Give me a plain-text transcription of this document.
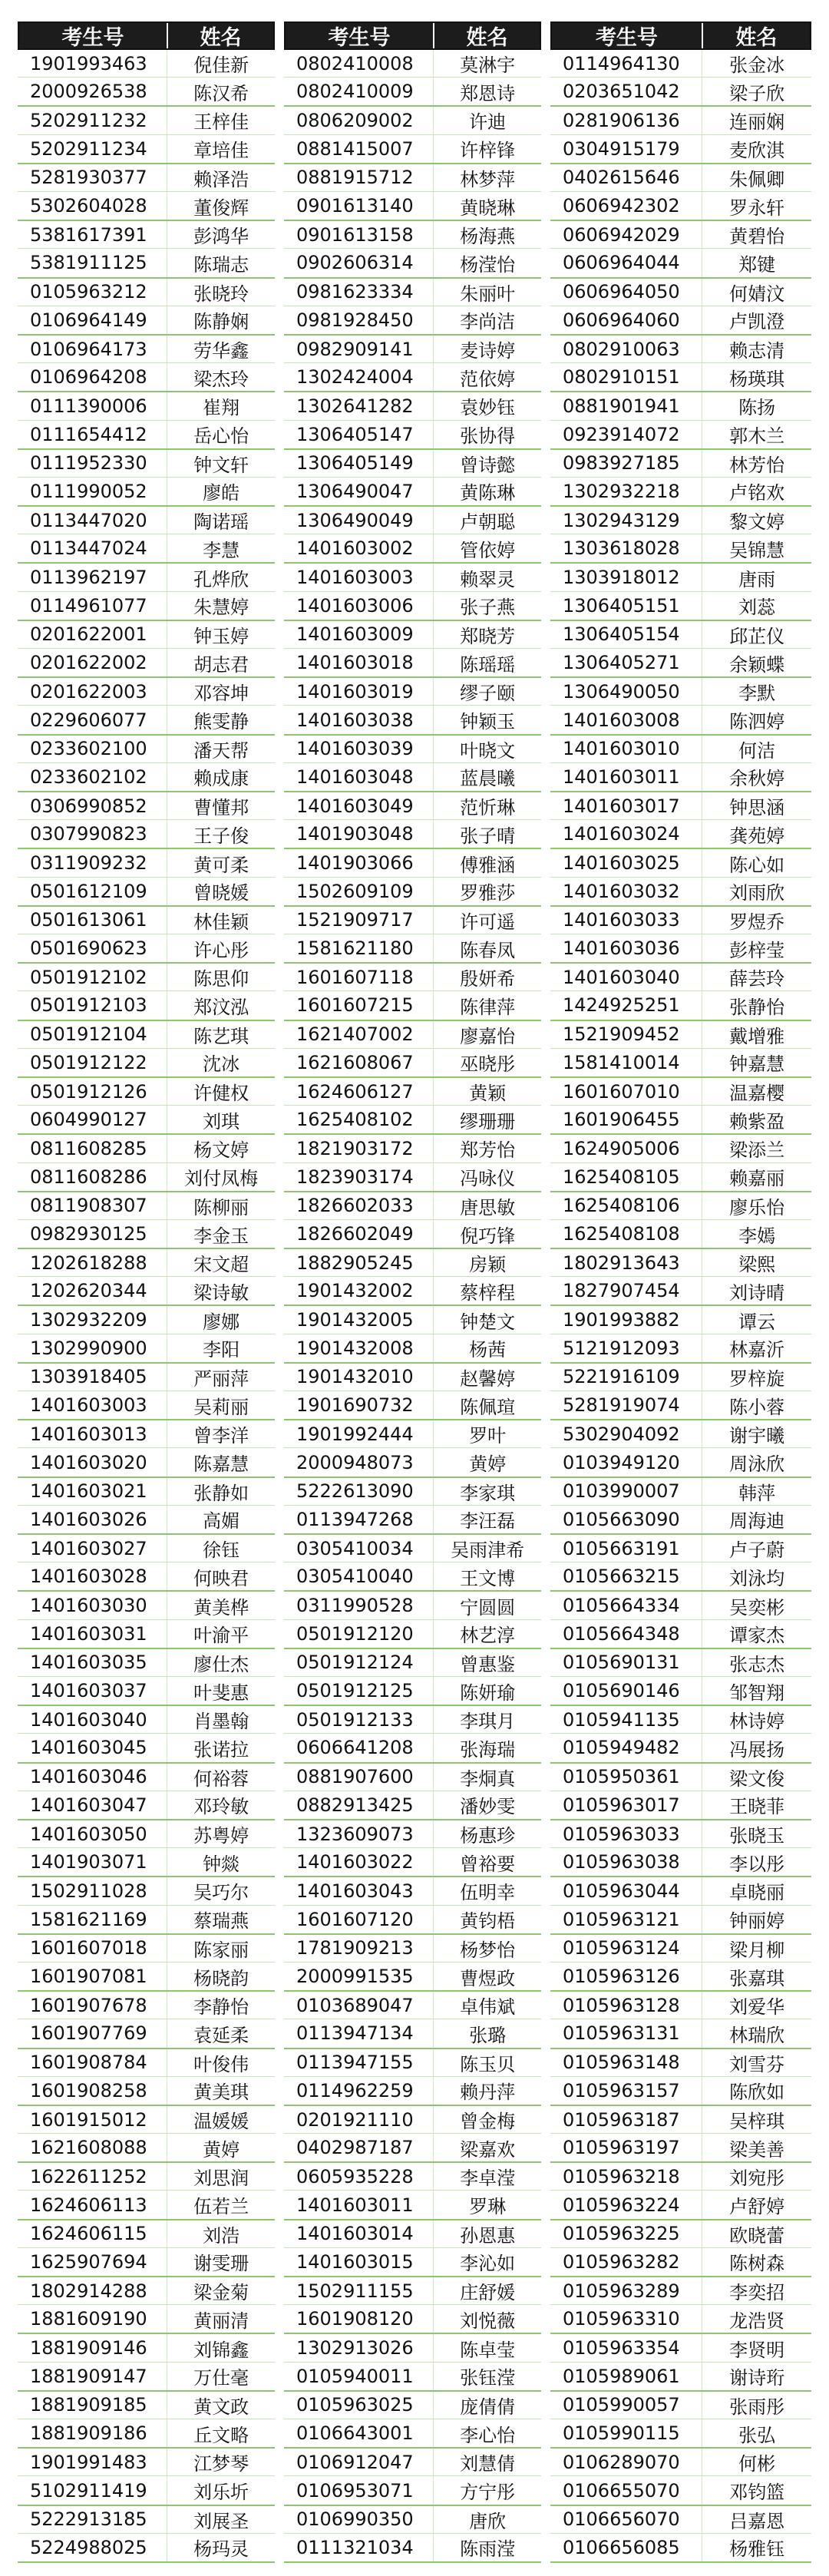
考生号	姓名
1901993463	倪佳新
2000926538	陈汉希
5202911232	王梓佳
5202911234	章培佳
5281930377	赖泽浩
5302604028	董俊辉
5381617391	彭鸿华
5381911125	陈瑞志
0105963212	张晓玲
0106964149	陈静娴
0106964173	劳华鑫
0106964208	梁杰玲
0111390006	崔翔
0111654412	岳心怡
0111952330	钟文轩
0111990052	廖皓
0113447020	陶诺瑶
0113447024	李慧
0113962197	孔烨欣
0114961077	朱慧婷
0201622001	钟玉婷
0201622002	胡志君
0201622003	邓容坤
0229606077	熊雯静
0233602100	潘天帮
0233602102	赖成康
0306990852	曹懂邦
0307990823	王子俊
0311909232	黄可柔
0501612109	曾晓媛
0501613061	林佳颖
0501690623	许心彤
0501912102	陈思仰
0501912103	郑汶泓
0501912104	陈艺琪
0501912122	沈冰
0501912126	许健权
0604990127	刘琪
0811608285	杨文婷
0811608286	刘付凤梅
0811908307	陈柳丽
0982930125	李金玉
1202618288	宋文超
1202620344	梁诗敏
1302932209	廖娜
1302990900	李阳
1303918405	严丽萍
1401603003	吴莉丽
1401603013	曾李洋
1401603020	陈嘉慧
1401603021	张静如
1401603026	高媚
1401603027	徐钰
1401603028	何映君
1401603030	黄美桦
1401603031	叶渝平
1401603035	廖仕杰
1401603037	叶斐惠
1401603040	肖墨翰
1401603045	张诺拉
1401603046	何裕蓉
1401603047	邓玲敏
1401603050	苏粤婷
1401903071	钟燚
1502911028	吴巧尔
1581621169	蔡瑞燕
1601607018	陈家丽
1601907081	杨晓韵
1601907678	李静怡
1601907769	袁延柔
1601908784	叶俊伟
1601908258	黄美琪
1601915012	温媛媛
1621608088	黄婷
1622611252	刘思润
1624606113	伍若兰
1624606115	刘浩
1625907694	谢雯珊
1802914288	梁金菊
1881609190	黄丽清
1881909146	刘锦鑫
1881909147	万仕毫
1881909185	黄文政
1881909186	丘文略
1901991483	江梦琴
5102911419	刘乐圻
5222913185	刘展圣
5224988025	杨玛灵
考生号	姓名
0802410008	莫淋宇
0802410009	郑恩诗
0806209002	许迪
0881415007	许梓锋
0881915712	林梦萍
0901613140	黄晓琳
0901613158	杨海燕
0902606314	杨滢怡
0981623334	朱丽叶
0981928450	李尚洁
0982909141	麦诗婷
1302424004	范依婷
1302641282	袁妙钰
1306405147	张协得
1306405149	曾诗懿
1306490047	黄陈琳
1306490049	卢朝聪
1401603002	管依婷
1401603003	赖翠灵
1401603006	张子燕
1401603009	郑晓芳
1401603018	陈瑶瑶
1401603019	缪子颐
1401603038	钟颖玉
1401603039	叶晓文
1401603048	蓝晨曦
1401603049	范忻琳
1401903048	张子晴
1401903066	傅雅涵
1502609109	罗雅莎
1521909717	许可遥
1581621180	陈春凤
1601607118	殷妍希
1601607215	陈律萍
1621407002	廖嘉怡
1621608067	巫晓彤
1624606127	黄颖
1625408102	缪珊珊
1821903172	郑芳怡
1823903174	冯咏仪
1826602033	唐思敏
1826602049	倪巧锋
1882905245	房颖
1901432002	蔡梓程
1901432005	钟楚文
1901432008	杨茜
1901432010	赵馨婷
1901690732	陈佩瑄
1901992444	罗叶
2000948073	黄婷
5222613090	李家琪
0113947268	李汪磊
0305410034	吴雨津希
0305410040	王文博
0311990528	宁圆圆
0501912120	林艺淳
0501912124	曾惠鉴
0501912125	陈妍瑜
0501912133	李琪月
0606641208	张海瑞
0881907600	李烔真
0882913425	潘妙雯
1323609073	杨惠珍
1401603022	曾裕要
1401603043	伍明幸
1601607120	黄钧梧
1781909213	杨梦怡
2000991535	曹煜政
0103689047	卓伟斌
0113947134	张璐
0113947155	陈玉贝
0114962259	赖丹萍
0201921110	曾金梅
0402987187	梁嘉欢
0605935228	李卓滢
1401603011	罗琳
1401603014	孙恩惠
1401603015	李沁如
1502911155	庄舒媛
1601908120	刘悦薇
1302913026	陈卓莹
0105940011	张钰滢
0105963025	庞倩倩
0106643001	李心怡
0106912047	刘慧倩
0106953071	方宁彤
0106990350	唐欣
0111321034	陈雨滢
考生号	姓名
0114964130	张金冰
0203651042	梁子欣
0281906136	连丽娴
0304915179	麦欣淇
0402615646	朱佩卿
0606942302	罗永轩
0606942029	黄碧怡
0606964044	郑键
0606964050	何婧汶
0606964060	卢凯澄
0802910063	赖志清
0802910151	杨瑛琪
0881901941	陈扬
0923914072	郭木兰
0983927185	林芳怡
1302932218	卢铭欢
1302943129	黎文婷
1303618028	吴锦慧
1303918012	唐雨
1306405151	刘蕊
1306405154	邱芷仪
1306405271	余颖蝶
1306490050	李默
1401603008	陈泗婷
1401603010	何洁
1401603011	余秋婷
1401603017	钟思涵
1401603024	龚苑婷
1401603025	陈心如
1401603032	刘雨欣
1401603033	罗煜乔
1401603036	彭梓莹
1401603040	薛芸玲
1424925251	张静怡
1521909452	戴增雅
1581410014	钟嘉慧
1601607010	温嘉樱
1601906455	赖紫盈
1624905006	梁添兰
1625408105	赖嘉丽
1625408106	廖乐怡
1625408108	李嫣
1802913643	梁熙
1827907454	刘诗晴
1901993882	谭云
5121912093	林嘉沂
5221916109	罗梓旋
5281919074	陈小蓉
5302904092	谢宇曦
0103949120	周泳欣
0103990007	韩萍
0105663090	周海迪
0105663191	卢子蔚
0105663215	刘泳均
0105664334	吴奕彬
0105664348	谭家杰
0105690131	张志杰
0105690146	邹智翔
0105941135	林诗婷
0105949482	冯展扬
0105950361	梁文俊
0105963017	王晓菲
0105963033	张晓玉
0105963038	李以彤
0105963044	卓晓丽
0105963121	钟丽婷
0105963124	梁月柳
0105963126	张嘉琪
0105963128	刘爱华
0105963131	林瑞欣
0105963148	刘雪芬
0105963157	陈欣如
0105963187	吴梓琪
0105963197	梁美善
0105963218	刘宛彤
0105963224	卢舒婷
0105963225	欧晓蕾
0105963282	陈树森
0105963289	李奕招
0105963310	龙浩贤
0105963354	李贤明
0105989061	谢诗珩
0105990057	张雨彤
0105990115	张弘
0106289070	何彬
0106655070	邓钧篮
0106656070	吕嘉恩
0106656085	杨雅钰
